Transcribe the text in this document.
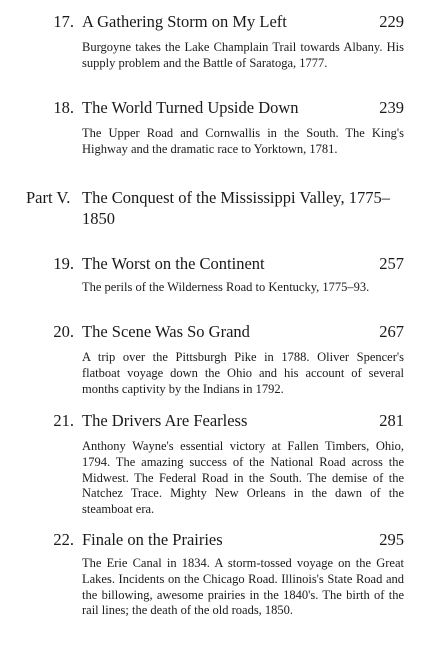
17. A Gathering Storm on My Left	229
Burgoyne takes the Lake Champlain Trail towards Albany. His supply problem and the Battle of Saratoga, 1777.
18. The World Turned Upside Down	239
The Upper Road and Cornwallis in the South. The King's Highway and the dramatic race to Yorktown, 1781.
Part V. The Conquest of the Mississippi Valley, 1775–1850
19. The Worst on the Continent	257
The perils of the Wilderness Road to Kentucky, 1775–93.
20. The Scene Was So Grand	267
A trip over the Pittsburgh Pike in 1788. Oliver Spencer's flatboat voyage down the Ohio and his account of several months captivity by the Indians in 1792.
21. The Drivers Are Fearless	281
Anthony Wayne's essential victory at Fallen Timbers, Ohio, 1794. The amazing success of the National Road across the Midwest. The Federal Road in the South. The demise of the Natchez Trace. Mighty New Orleans in the dawn of the steamboat era.
22. Finale on the Prairies	295
The Erie Canal in 1834. A storm-tossed voyage on the Great Lakes. Incidents on the Chicago Road. Illinois's State Road and the billowing, awesome prairies in the 1840's. The birth of the rail lines; the death of the old roads, 1850.
